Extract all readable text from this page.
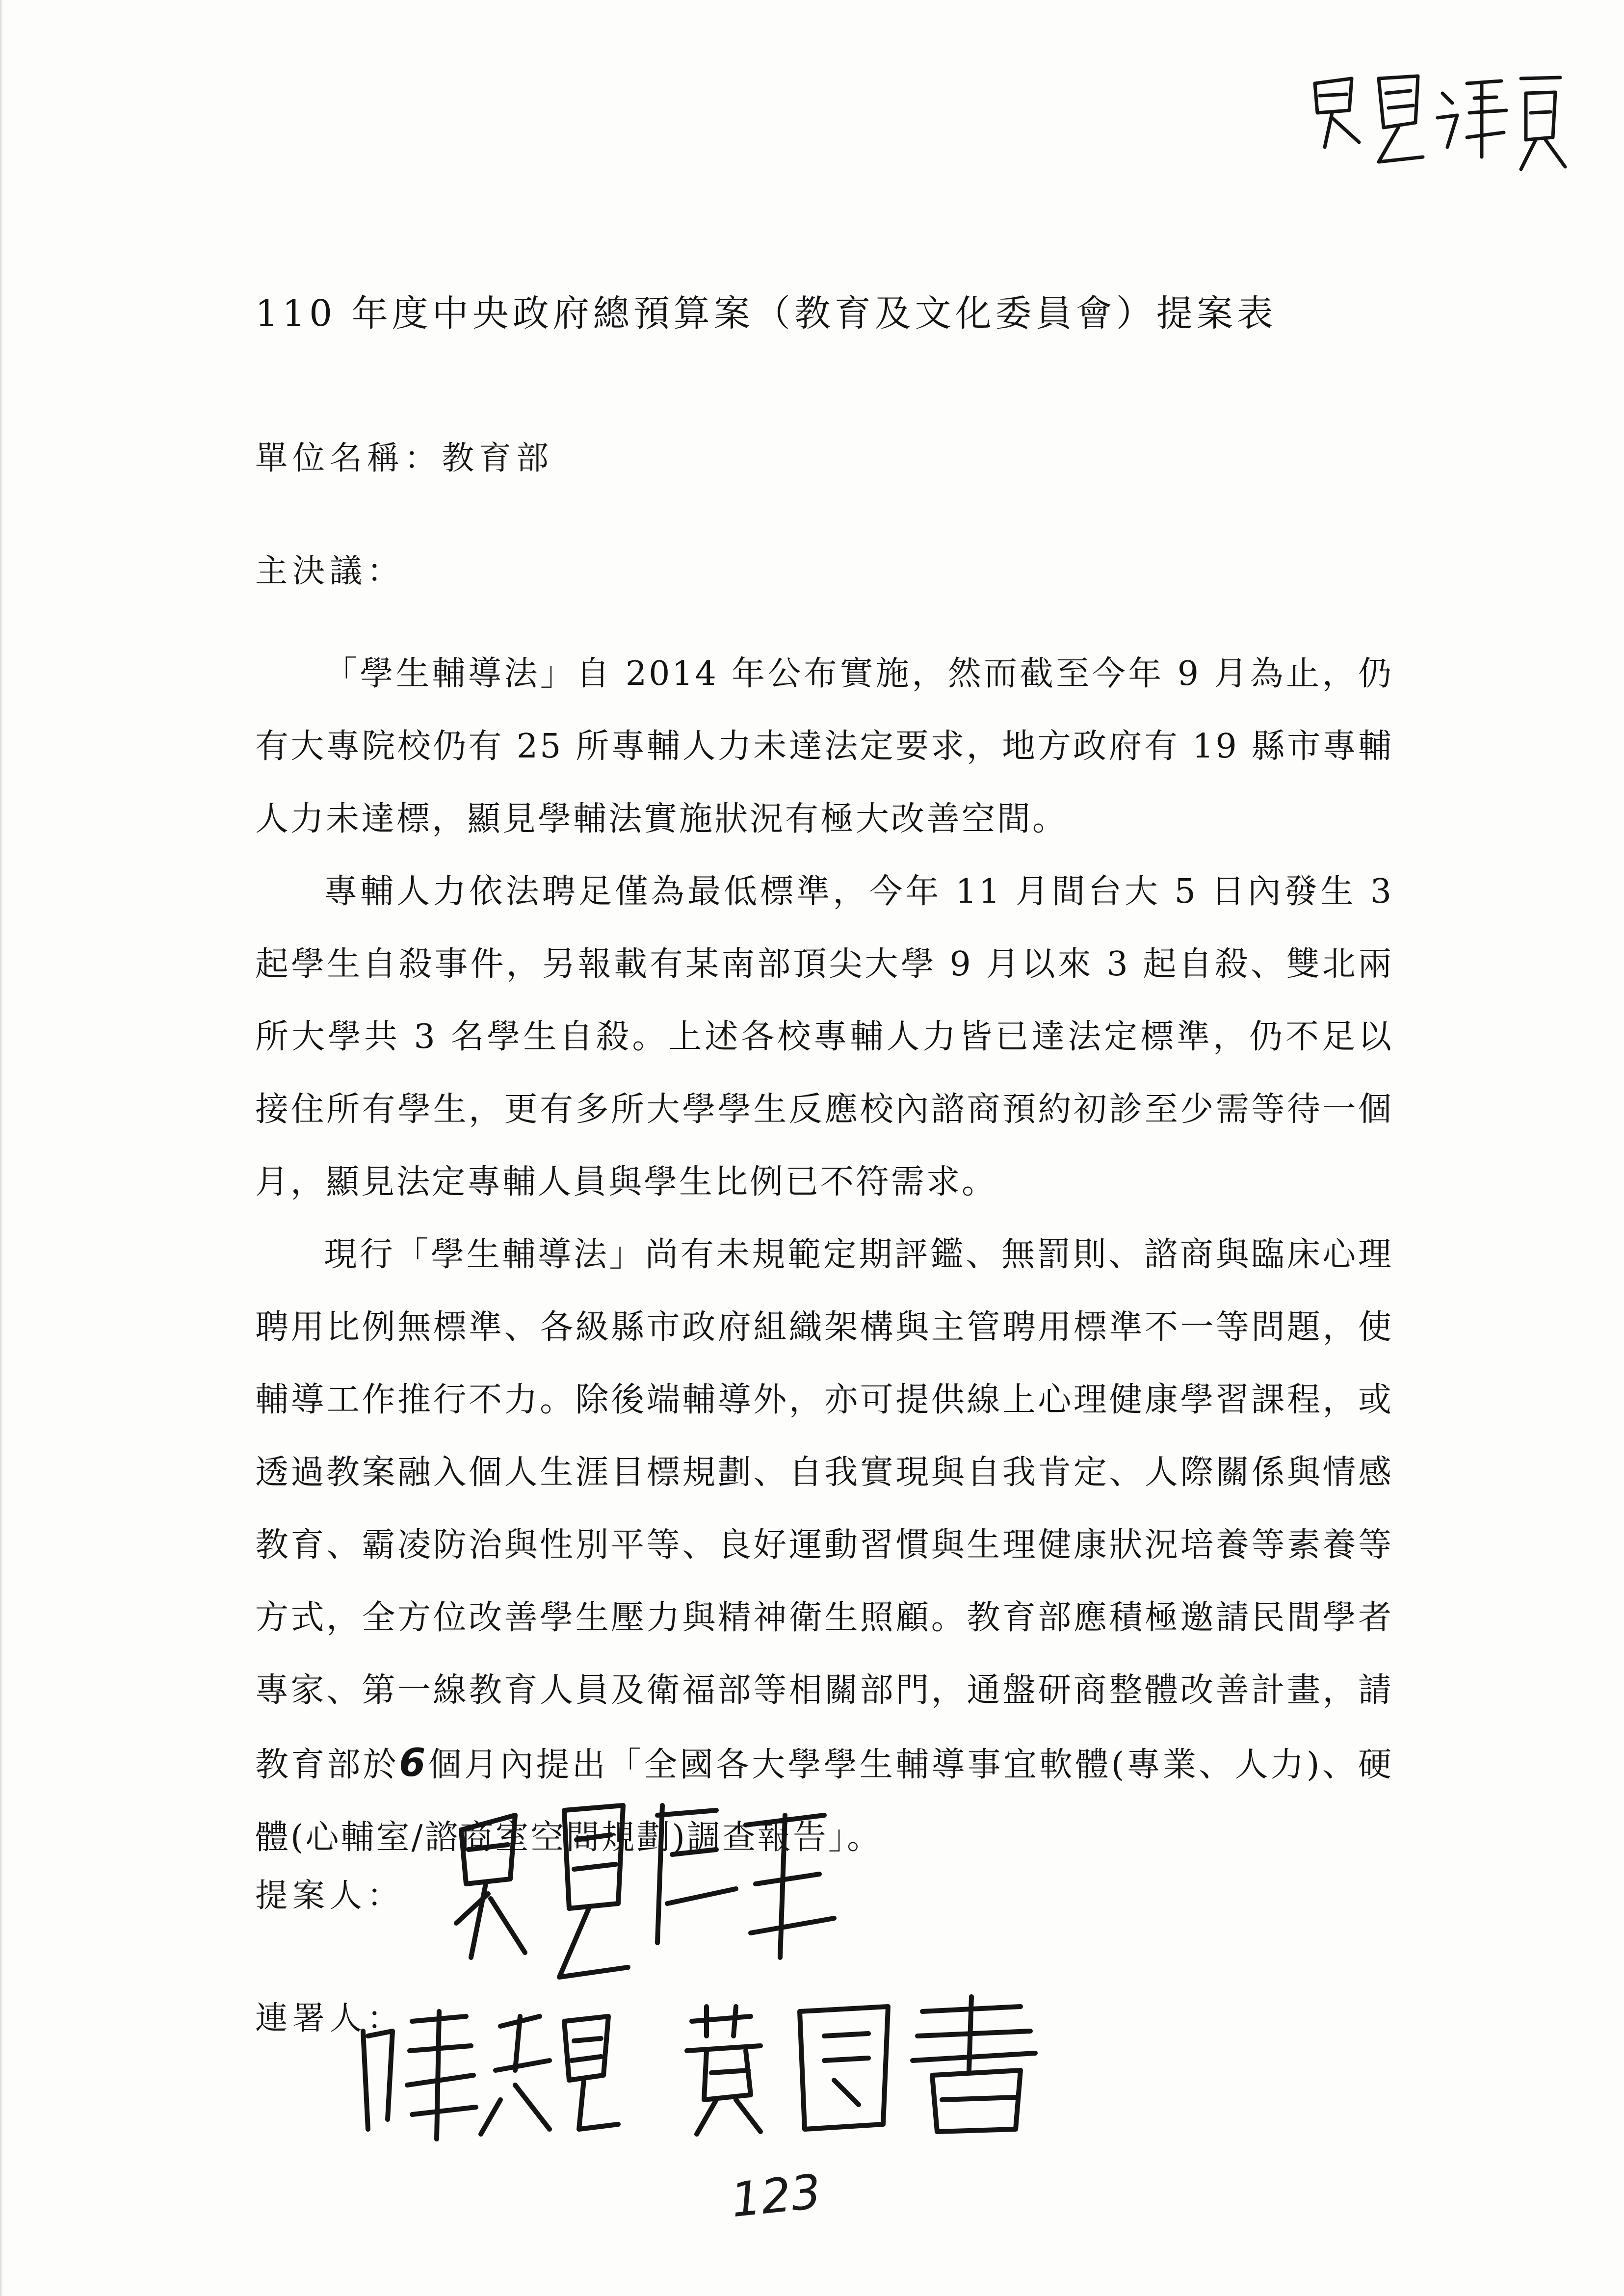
110 年度中央政府總預算案（教育及文化委員會）提案表
單位名稱：教育部
主決議：

「學生輔導法」自 2014 年公布實施，然而截至今年 9 月為止，仍有大專院校仍有 25 所專輔人力未達法定要求，地方政府有 19 縣市專輔人力未達標，顯見學輔法實施狀況有極大改善空間。

專輔人力依法聘足僅為最低標準，今年 11 月間台大 5 日內發生 3 起學生自殺事件，另報載有某南部頂尖大學 9 月以來 3 起自殺、雙北兩所大學共 3 名學生自殺。上述各校專輔人力皆已達法定標準，仍不足以接住所有學生，更有多所大學學生反應校內諮商預約初診至少需等待一個月，顯見法定專輔人員與學生比例已不符需求。

現行「學生輔導法」尚有未規範定期評鑑、無罰則、諮商與臨床心理聘用比例無標準、各級縣市政府組織架構與主管聘用標準不一等問題，使輔導工作推行不力。除後端輔導外，亦可提供線上心理健康學習課程，或透過教案融入個人生涯目標規劃、自我實現與自我肯定、人際關係與情感教育、霸凌防治與性別平等、良好運動習慣與生理健康狀況培養等素養等方式，全方位改善學生壓力與精神衛生照顧。教育部應積極邀請民間學者專家、第一線教育人員及衛福部等相關部門，通盤研商整體改善計畫，請教育部於6個月內提出「全國各大學學生輔導事宜軟體(專業、人力)、硬體(心輔室/諮商室空間規劃)調查報告」。

提案人：
連署人：
123
